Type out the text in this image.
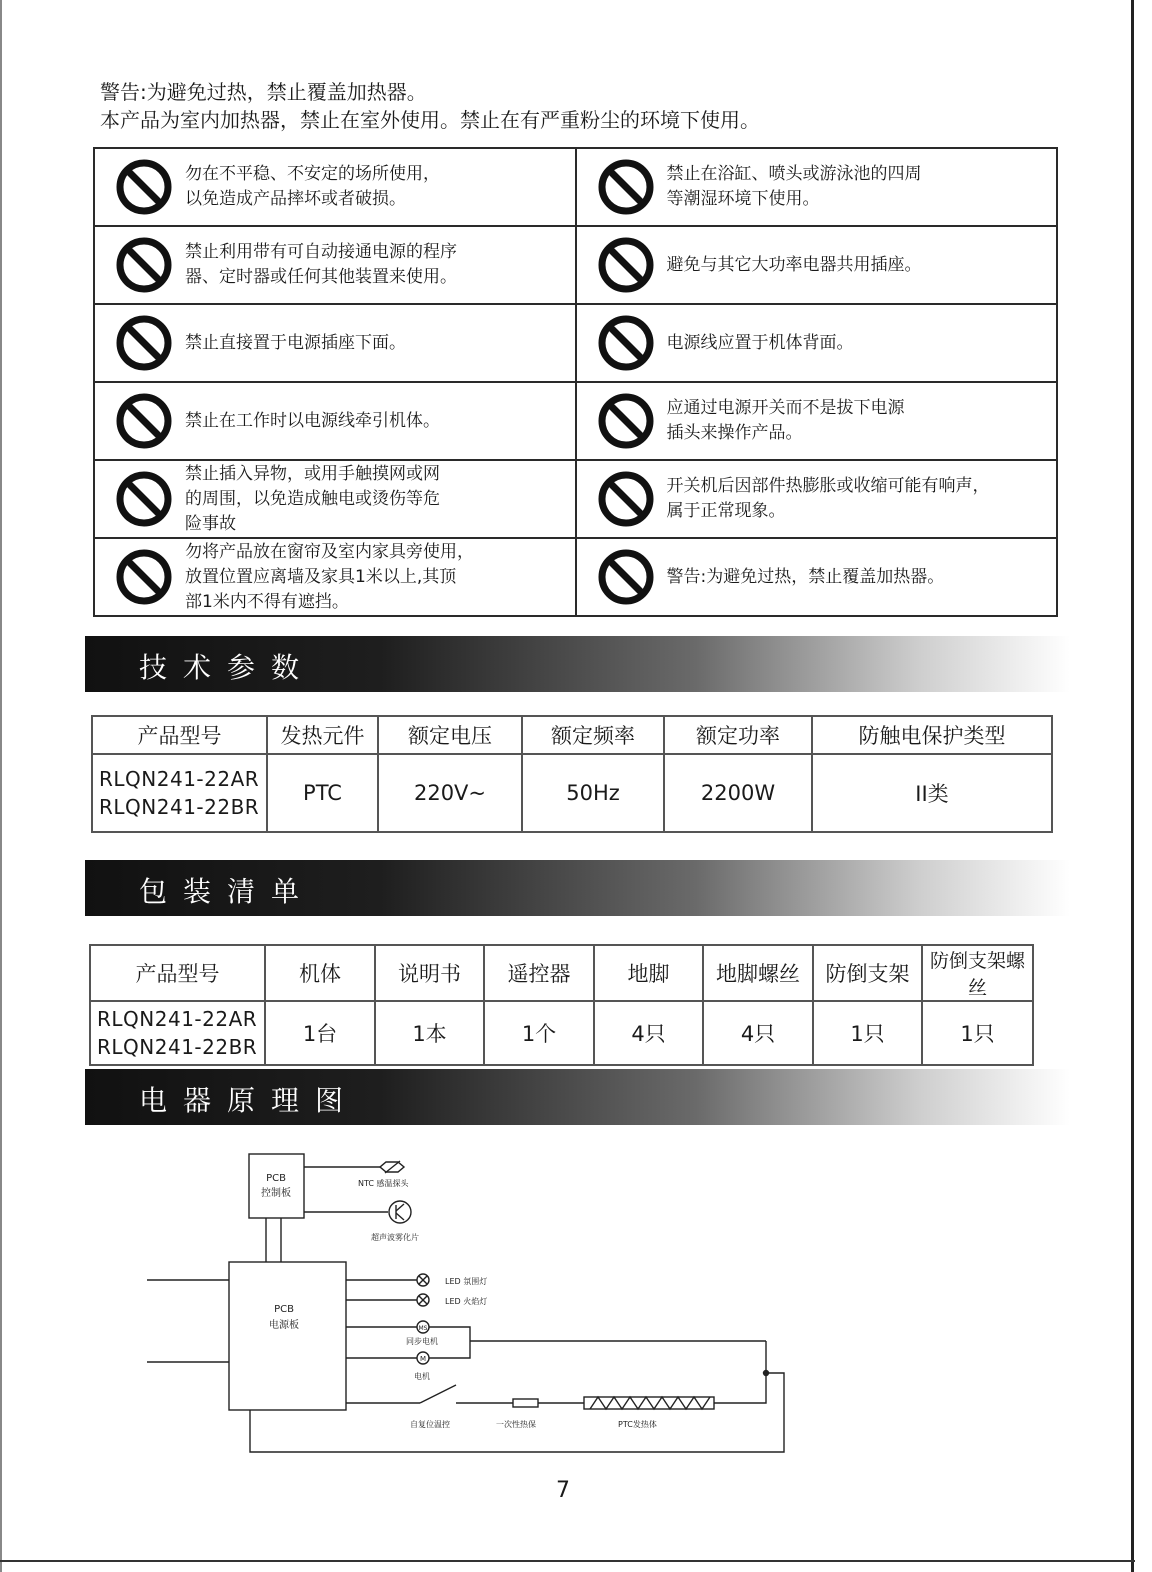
警告:为避免过热，禁止覆盖加热器。
本产品为室内加热器，禁止在室外使用。禁止在有严重粉尘的环境下使用。
勿在不平稳、不安定的场所使用，
以免造成产品摔坏或者破损。	禁止在浴缸、喷头或游泳池的四周
等潮湿环境下使用。

禁止利用带有可自动接通电源的程序
器、定时器或任何其他装置来使用。	避免与其它大功率电器共用插座。

禁止直接置于电源插座下面。	电源线应置于机体背面。

禁止在工作时以电源线牵引机体。	应通过电源开关而不是拔下电源
插头来操作产品。

禁止插入异物，或用手触摸网或网
的周围，以免造成触电或烫伤等危
险事故	开关机后因部件热膨胀或收缩可能有响声，
属于正常现象。

勿将产品放在窗帘及室内家具旁使用，
放置位置应离墙及家具1米以上,其顶
部1米内不得有遮挡。	警告:为避免过热，禁止覆盖加热器。
技术参数
产品型号	发热元件	额定电压	额定频率	额定功率	防触电保护类型

RLQN241-22AR
RLQN241-22BR	PTC	220V~	50Hz	2200W	II类
包装清单
产品型号	机体	说明书	遥控器	地脚	地脚螺丝	防倒支架	防倒支架螺丝

RLQN241-22AR
RLQN241-22BR	1台	1本	1个	4只	4只	1只	1只
电器原理图
PCB
控制板
NTC 感温探头
超声波雾化片
PCB
电源板
LED 氛围灯
LED 火焰灯
MS
同步电机
M
电机
自复位温控	一次性热保	PTC发热体
7
